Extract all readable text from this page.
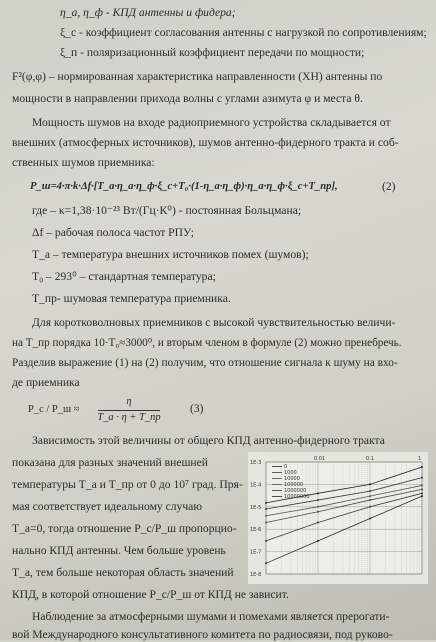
η_а, η_ф - КПД антенны и фидера;
ξ_c - коэффициент согласования антенны с нагрузкой по сопротивлениям;
ξ_п - поляризационный коэффициент передачи по мощности;
F²(φ,φ) – нормированная характеристика направленности (ХН) антенны по
мощности в направлении прихода волны с углами азимута φ и места θ.
Мощность шумов на входе радиоприемного устройства складывается от
внешних (атмосферных источников), шумов антенно-фидерного тракта и соб-
ственных шумов приемника:
P_ш=4·π·k·Δf·[T_а·η_а·η_ф·ξ_c+T₀·(1-η_а·η_ф)·η_а·η_ф·ξ_c+T_пр],	(2)
где – κ=1,38·10⁻²³ Вт/(Гц·К⁰) - постоянная Больцмана;
Δf – рабочая полоса частот РПУ;
T_а – температура внешних источников помех (шумов);
T₀ – 293⁰ – стандартная температура;
T_пр- шумовая температура приемника.
Для коротковолновых приемников с высокой чувствительностью величи-
на T_пр порядка 10·T₀≈3000⁰, и вторым членом в формуле (2) можно пренебречь.
Разделив выражение (1) на (2) получим, что отношение сигнала к шуму на вхо-
де приемника
P_c / P_ш ≈
η
T_а · η + T_пр
(3)
Зависимость этой величины от общего КПД антенно-фидерного тракта
показана для разных значений внешней
температуры T_а и T_пр от 0 до 10⁷ град. Пря-
мая соответствует идеальному случаю
T_а=0, тогда отношение P_c/P_ш пропорцио-
нально КПД антенны. Чем больше уровень
T_а, тем больше некоторая область значений
КПД, в которой отношение P_c/P_ш от КПД не зависит.
Наблюдение за атмосферными шумами и помехами является прерогати-
вой Международного консультативного комитета по радиосвязи, под руково-
0.01	0.1	1
1E-3
1E-4
1E-5
1E-6
1E-7
1E-8
0
1000
10000
100000
1000000
10000000
